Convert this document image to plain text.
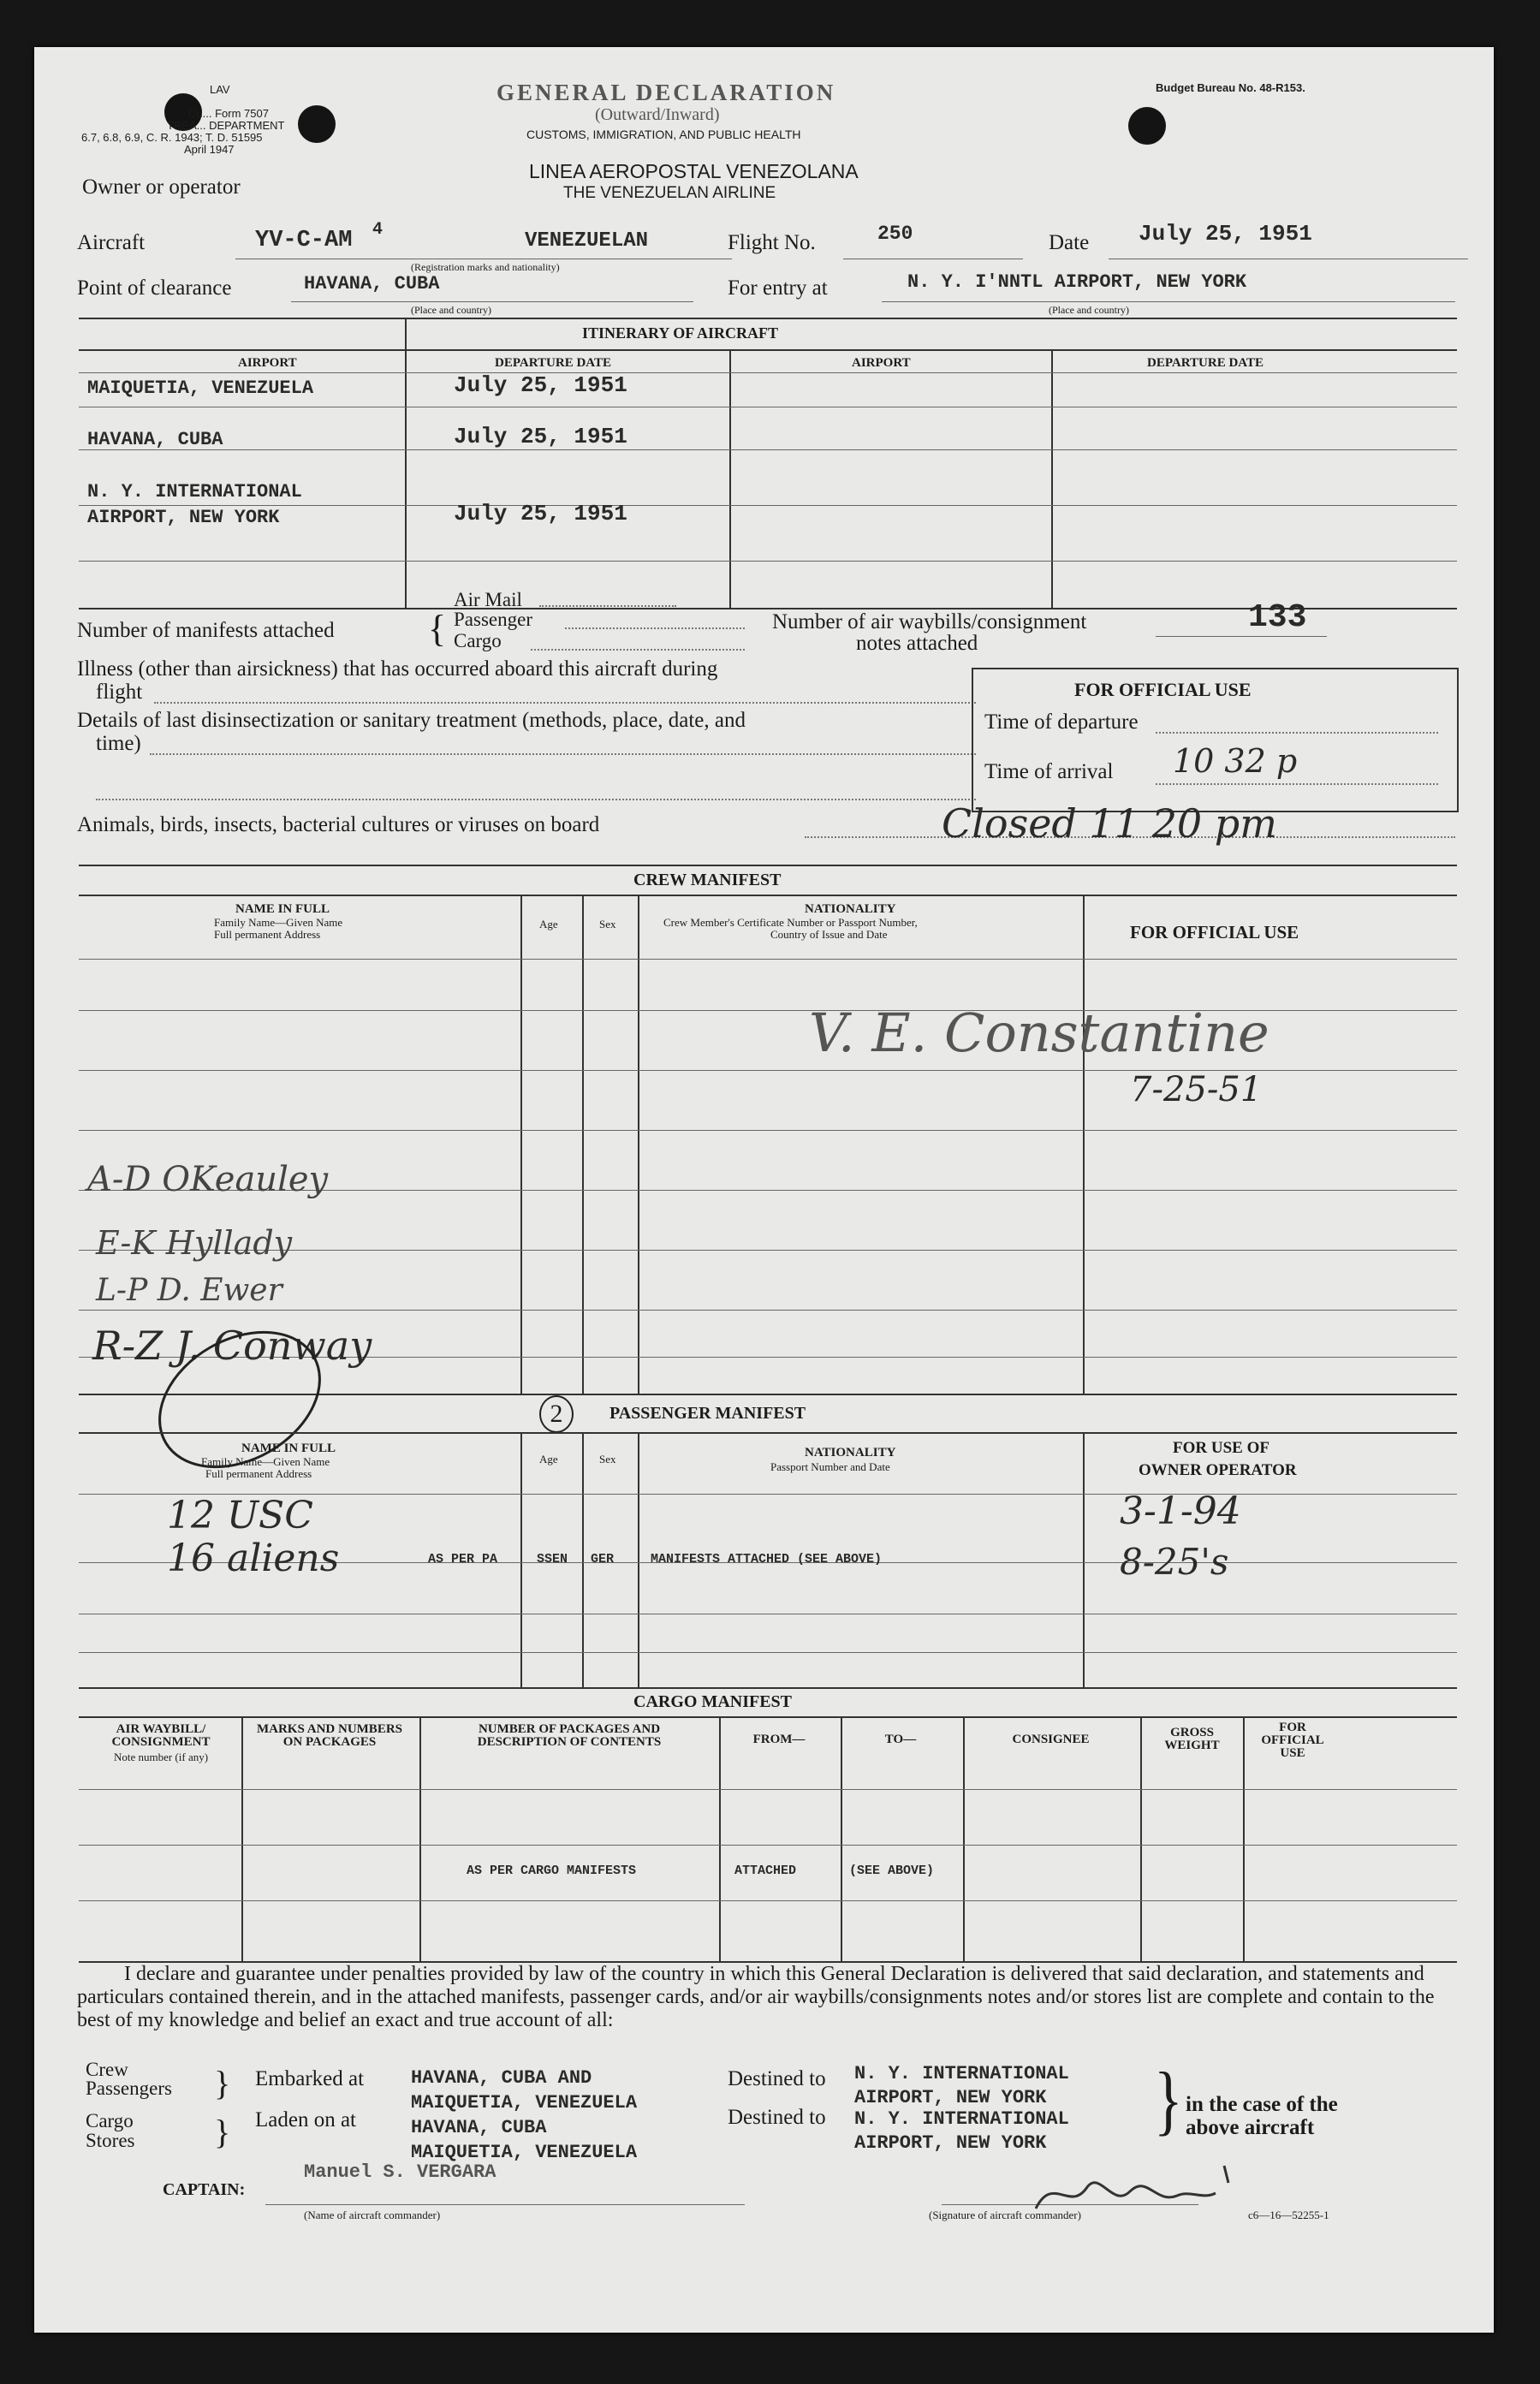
LAV
Cu... Form 7507
TREA... DEPARTMENT
6.7, 6.8, 6.9, C. R. 1943; T. D. 51595
April 1947
Budget Bureau No. 48-R153.
GENERAL DECLARATION
(Outward/Inward)
CUSTOMS, IMMIGRATION, AND PUBLIC HEALTH
LINEA AEROPOSTAL VENEZOLANA
THE VENEZUELAN AIRLINE
Owner or operator
Aircraft	YV-C-AM 4	VENEZUELAN
(Registration marks and nationality)
Flight No.	250	Date July 25, 1951
Point of clearance	HAVANA, CUBA
(Place and country)
For entry at	N. Y. I'NNTL AIRPORT, NEW YORK
(Place and country)
ITINERARY OF AIRCRAFT
AIRPORT	DEPARTURE DATE	AIRPORT	DEPARTURE DATE
MAIQUETIA, VENEZUELA	July 25, 1951
HAVANA, CUBA	July 25, 1951
N. Y. INTERNATIONAL
AIRPORT, NEW YORK	July 25, 1951
Number of manifests attached {
Air Mail
Passenger
Cargo
Number of air waybills/consignment
notes attached
133
Illness (other than airsickness) that has occurred aboard this aircraft during
flight
Details of last disinsectization or sanitary treatment (methods, place, date, and
time)
FOR OFFICIAL USE
Time of departure
Time of arrival 10 32 p
Animals, birds, insects, bacterial cultures or viruses on board	Closed 11 20 pm
CREW MANIFEST
NAME IN FULL
Family Name—Given Name
Full permanent Address
Age	Sex
NATIONALITY
Crew Member's Certificate Number or Passport Number,
Country of Issue and Date	FOR OFFICIAL USE
V. E. Constantine
7-25-51
A-D OKeauley
E-K Hyllady
L-P D. Ewer
R-Z J. Conway
2	PASSENGER MANIFEST
NAME IN FULL
Family Name—Given Name
Full permanent Address
Age	Sex	NATIONALITY
Passport Number and Date
FOR USE OF
OWNER OPERATOR
12 USC
16 aliens	AS PER PA	SSEN GER	MANIFESTS ATTACHED (SEE ABOVE)
3-1-94
8-25's
CARGO MANIFEST
AIR WAYBILL/ CONSIGNMENT
Note number (if any)
MARKS AND NUMBERS ON PACKAGES
NUMBER OF PACKAGES AND DESCRIPTION OF CONTENTS	FROM—	TO—	CONSIGNEE	GROSS WEIGHT
FOR OFFICIAL USE
AS PER CARGO MANIFESTS	ATTACHED	(SEE ABOVE)
I declare and guarantee under penalties provided by law of the country in which this General Declaration is delivered that said declaration, and statements and particulars contained therein, and in the attached manifests, passenger cards, and/or air waybills/consignments notes and/or stores list are complete and contain to the best of my knowledge and belief an exact and true account of all:
Crew
Passengers
Cargo
Stores
}
}
Embarked at HAVANA, CUBA AND
MAIQUETIA, VENEZUELA
Laden on at	HAVANA, CUBA
MAIQUETIA, VENEZUELA
Destined to N. Y. INTERNATIONAL
AIRPORT, NEW YORK
Destined to N. Y. INTERNATIONAL
AIRPORT, NEW YORK } in the case of the
above aircraft
CAPTAIN:
Manuel S. VERGARA
(Name of aircraft commander)	(Signature of aircraft commander)	c6—16—52255-1
